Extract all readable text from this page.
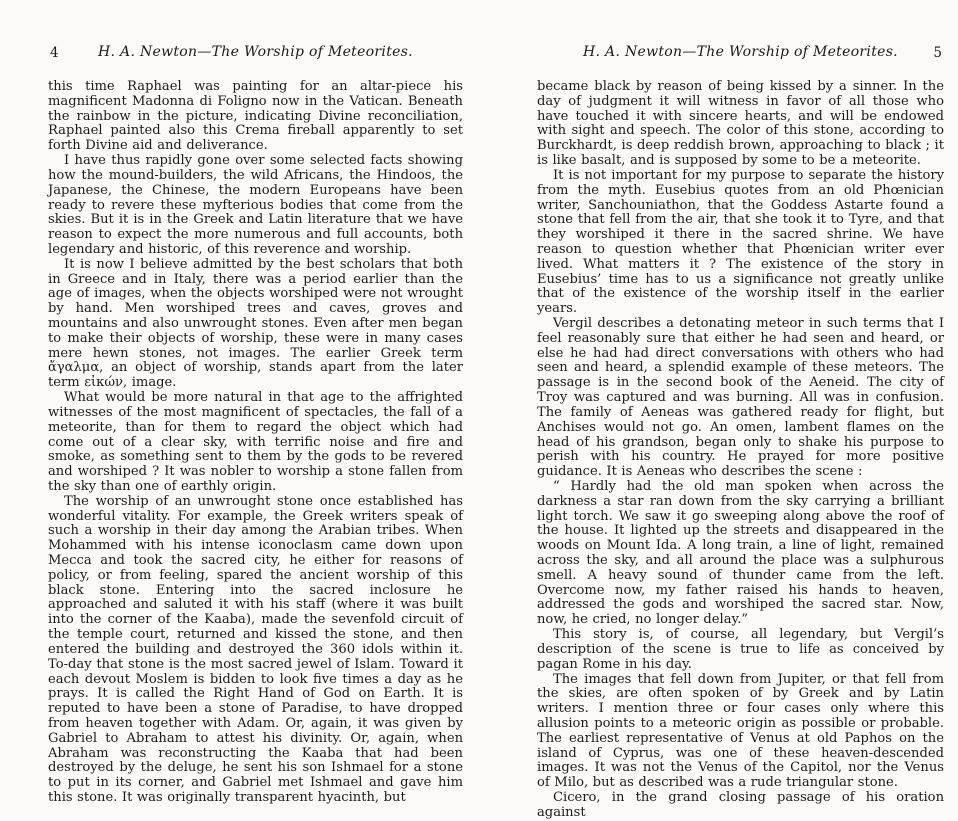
4	H. A. Newton—The Worship of Meteorites.

this time Raphael was painting for an altar-piece his magnificent Madonna di Foligno now in the Vatican. Beneath the rainbow in the picture, indicating Divine reconciliation, Raphael painted also this Crema fireball apparently to set forth Divine aid and deliverance.

I have thus rapidly gone over some selected facts showing how the mound-builders, the wild Africans, the Hindoos, the Japanese, the Chinese, the modern Europeans have been ready to revere these myfterious bodies that come from the skies. But it is in the Greek and Latin literature that we have reason to expect the more numerous and full accounts, both legendary and historic, of this reverence and worship.

It is now I believe admitted by the best scholars that both in Greece and in Italy, there was a period earlier than the age of images, when the objects worshiped were not wrought by hand. Men worshiped trees and caves, groves and mountains and also unwrought stones. Even after men began to make their objects of worship, these were in many cases mere hewn stones, not images. The earlier Greek term ἄγαλμα, an object of worship, stands apart from the later term εἰκών, image.

What would be more natural in that age to the affrighted witnesses of the most magnificent of spectacles, the fall of a meteorite, than for them to regard the object which had come out of a clear sky, with terrific noise and fire and smoke, as something sent to them by the gods to be revered and worshiped ? It was nobler to worship a stone fallen from the sky than one of earthly origin.

The worship of an unwrought stone once established has wonderful vitality. For example, the Greek writers speak of such a worship in their day among the Arabian tribes. When Mohammed with his intense iconoclasm came down upon Mecca and took the sacred city, he either for reasons of policy, or from feeling, spared the ancient worship of this black stone. Entering into the sacred inclosure he approached and saluted it with his staff (where it was built into the corner of the Kaaba), made the sevenfold circuit of the temple court, returned and kissed the stone, and then entered the building and destroyed the 360 idols within it. To-day that stone is the most sacred jewel of Islam. Toward it each devout Moslem is bidden to look five times a day as he prays. It is called the Right Hand of God on Earth. It is reputed to have been a stone of Paradise, to have dropped from heaven together with Adam. Or, again, it was given by Gabriel to Abraham to attest his divinity. Or, again, when Abraham was reconstructing the Kaaba that had been destroyed by the deluge, he sent his son Ishmael for a stone to put in its corner, and Gabriel met Ishmael and gave him this stone. It was originally transparent hyacinth, but

H. A. Newton—The Worship of Meteorites.	5

became black by reason of being kissed by a sinner. In the day of judgment it will witness in favor of all those who have touched it with sincere hearts, and will be endowed with sight and speech. The color of this stone, according to Burckhardt, is deep reddish brown, approaching to black ; it is like basalt, and is supposed by some to be a meteorite.

It is not important for my purpose to separate the history from the myth. Eusebius quotes from an old Phœnician writer, Sanchouniathon, that the Goddess Astarte found a stone that fell from the air, that she took it to Tyre, and that they worshiped it there in the sacred shrine. We have reason to question whether that Phœnician writer ever lived. What matters it ? The existence of the story in Eusebius’ time has to us a significance not greatly unlike that of the existence of the worship itself in the earlier years.

Vergil describes a detonating meteor in such terms that I feel reasonably sure that either he had seen and heard, or else he had had direct conversations with others who had seen and heard, a splendid example of these meteors. The passage is in the second book of the Aeneid. The city of Troy was captured and was burning. All was in confusion. The family of Aeneas was gathered ready for flight, but Anchises would not go. An omen, lambent flames on the head of his grandson, began only to shake his purpose to perish with his country. He prayed for more positive guidance. It is Aeneas who describes the scene :

“ Hardly had the old man spoken when across the darkness a star ran down from the sky carrying a brilliant light torch. We saw it go sweeping along above the roof of the house. It lighted up the streets and disappeared in the woods on Mount Ida. A long train, a line of light, remained across the sky, and all around the place was a sulphurous smell. A heavy sound of thunder came from the left. Overcome now, my father raised his hands to heaven, addressed the gods and worshiped the sacred star. Now, now, he cried, no longer delay.”

This story is, of course, all legendary, but Vergil’s description of the scene is true to life as conceived by pagan Rome in his day.

The images that fell down from Jupiter, or that fell from the skies, are often spoken of by Greek and by Latin writers. I mention three or four cases only where this allusion points to a meteoric origin as possible or probable. The earliest representative of Venus at old Paphos on the island of Cyprus, was one of these heaven-descended images. It was not the Venus of the Capitol, nor the Venus of Milo, but as described was a rude triangular stone.

Cicero, in the grand closing passage of his oration against
